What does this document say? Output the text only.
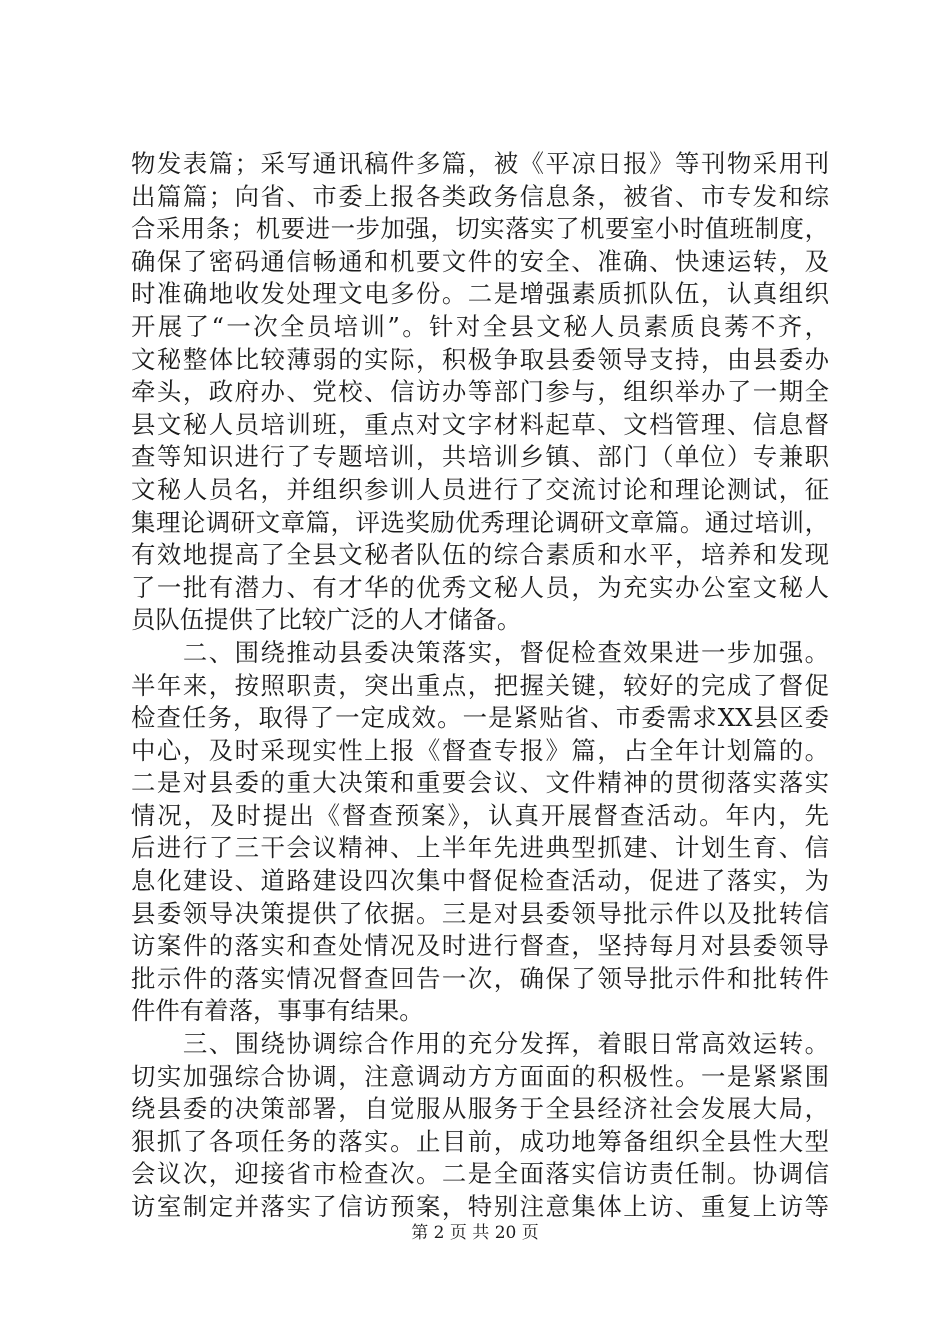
物发表篇；采写通讯稿件多篇，被《平凉日报》等刊物采用刊
出篇篇；向省、市委上报各类政务信息条，被省、市专发和综
合采用条；机要进一步加强，切实落实了机要室小时值班制度，
确保了密码通信畅通和机要文件的安全、准确、快速运转，及
时准确地收发处理文电多份。二是增强素质抓队伍，认真组织
开展了“一次全员培训”。针对全县文秘人员素质良莠不齐，
文秘整体比较薄弱的实际，积极争取县委领导支持，由县委办
牵头，政府办、党校、信访办等部门参与，组织举办了一期全
县文秘人员培训班，重点对文字材料起草、文档管理、信息督
查等知识进行了专题培训，共培训乡镇、部门（单位）专兼职
文秘人员名，并组织参训人员进行了交流讨论和理论测试，征
集理论调研文章篇，评选奖励优秀理论调研文章篇。通过培训，
有效地提高了全县文秘者队伍的综合素质和水平，培养和发现
了一批有潜力、有才华的优秀文秘人员，为充实办公室文秘人
员队伍提供了比较广泛的人才储备。
　　二、围绕推动县委决策落实，督促检查效果进一步加强。
半年来，按照职责，突出重点，把握关键，较好的完成了督促
检查任务，取得了一定成效。一是紧贴省、市委需求XX县区委
中心，及时采现实性上报《督查专报》篇，占全年计划篇的。
二是对县委的重大决策和重要会议、文件精神的贯彻落实落实
情况，及时提出《督查预案》，认真开展督查活动。年内，先
后进行了三干会议精神、上半年先进典型抓建、计划生育、信
息化建设、道路建设四次集中督促检查活动，促进了落实，为
县委领导决策提供了依据。三是对县委领导批示件以及批转信
访案件的落实和查处情况及时进行督查，坚持每月对县委领导
批示件的落实情况督查回告一次，确保了领导批示件和批转件
件件有着落，事事有结果。
　　三、围绕协调综合作用的充分发挥，着眼日常高效运转。
切实加强综合协调，注意调动方方面面的积极性。一是紧紧围
绕县委的决策部署，自觉服从服务于全县经济社会发展大局，
狠抓了各项任务的落实。止目前，成功地筹备组织全县性大型
会议次，迎接省市检查次。二是全面落实信访责任制。协调信
访室制定并落实了信访预案，特别注意集体上访、重复上访等
第 2 页 共 20 页
